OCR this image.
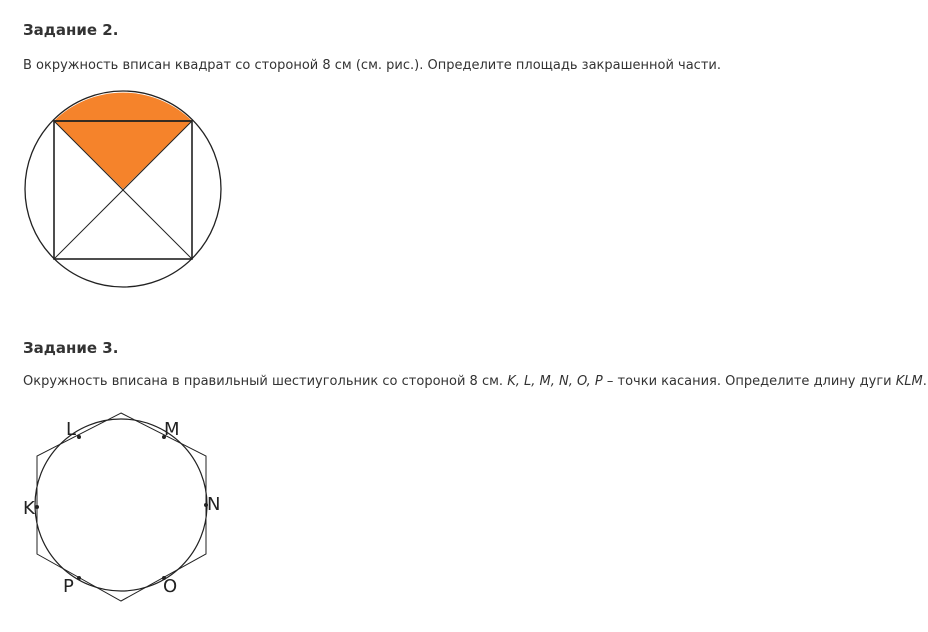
Задание 2.

В окружность вписан квадрат со стороной 8 см (см. рис.). Определите площадь закрашенной части.

Задание 3.

Окружность вписана в правильный шестиугольник со стороной 8 см. K, L, M, N, O, P – точки касания. Определите длину дуги KLM.

L	M
K	N
P	O
